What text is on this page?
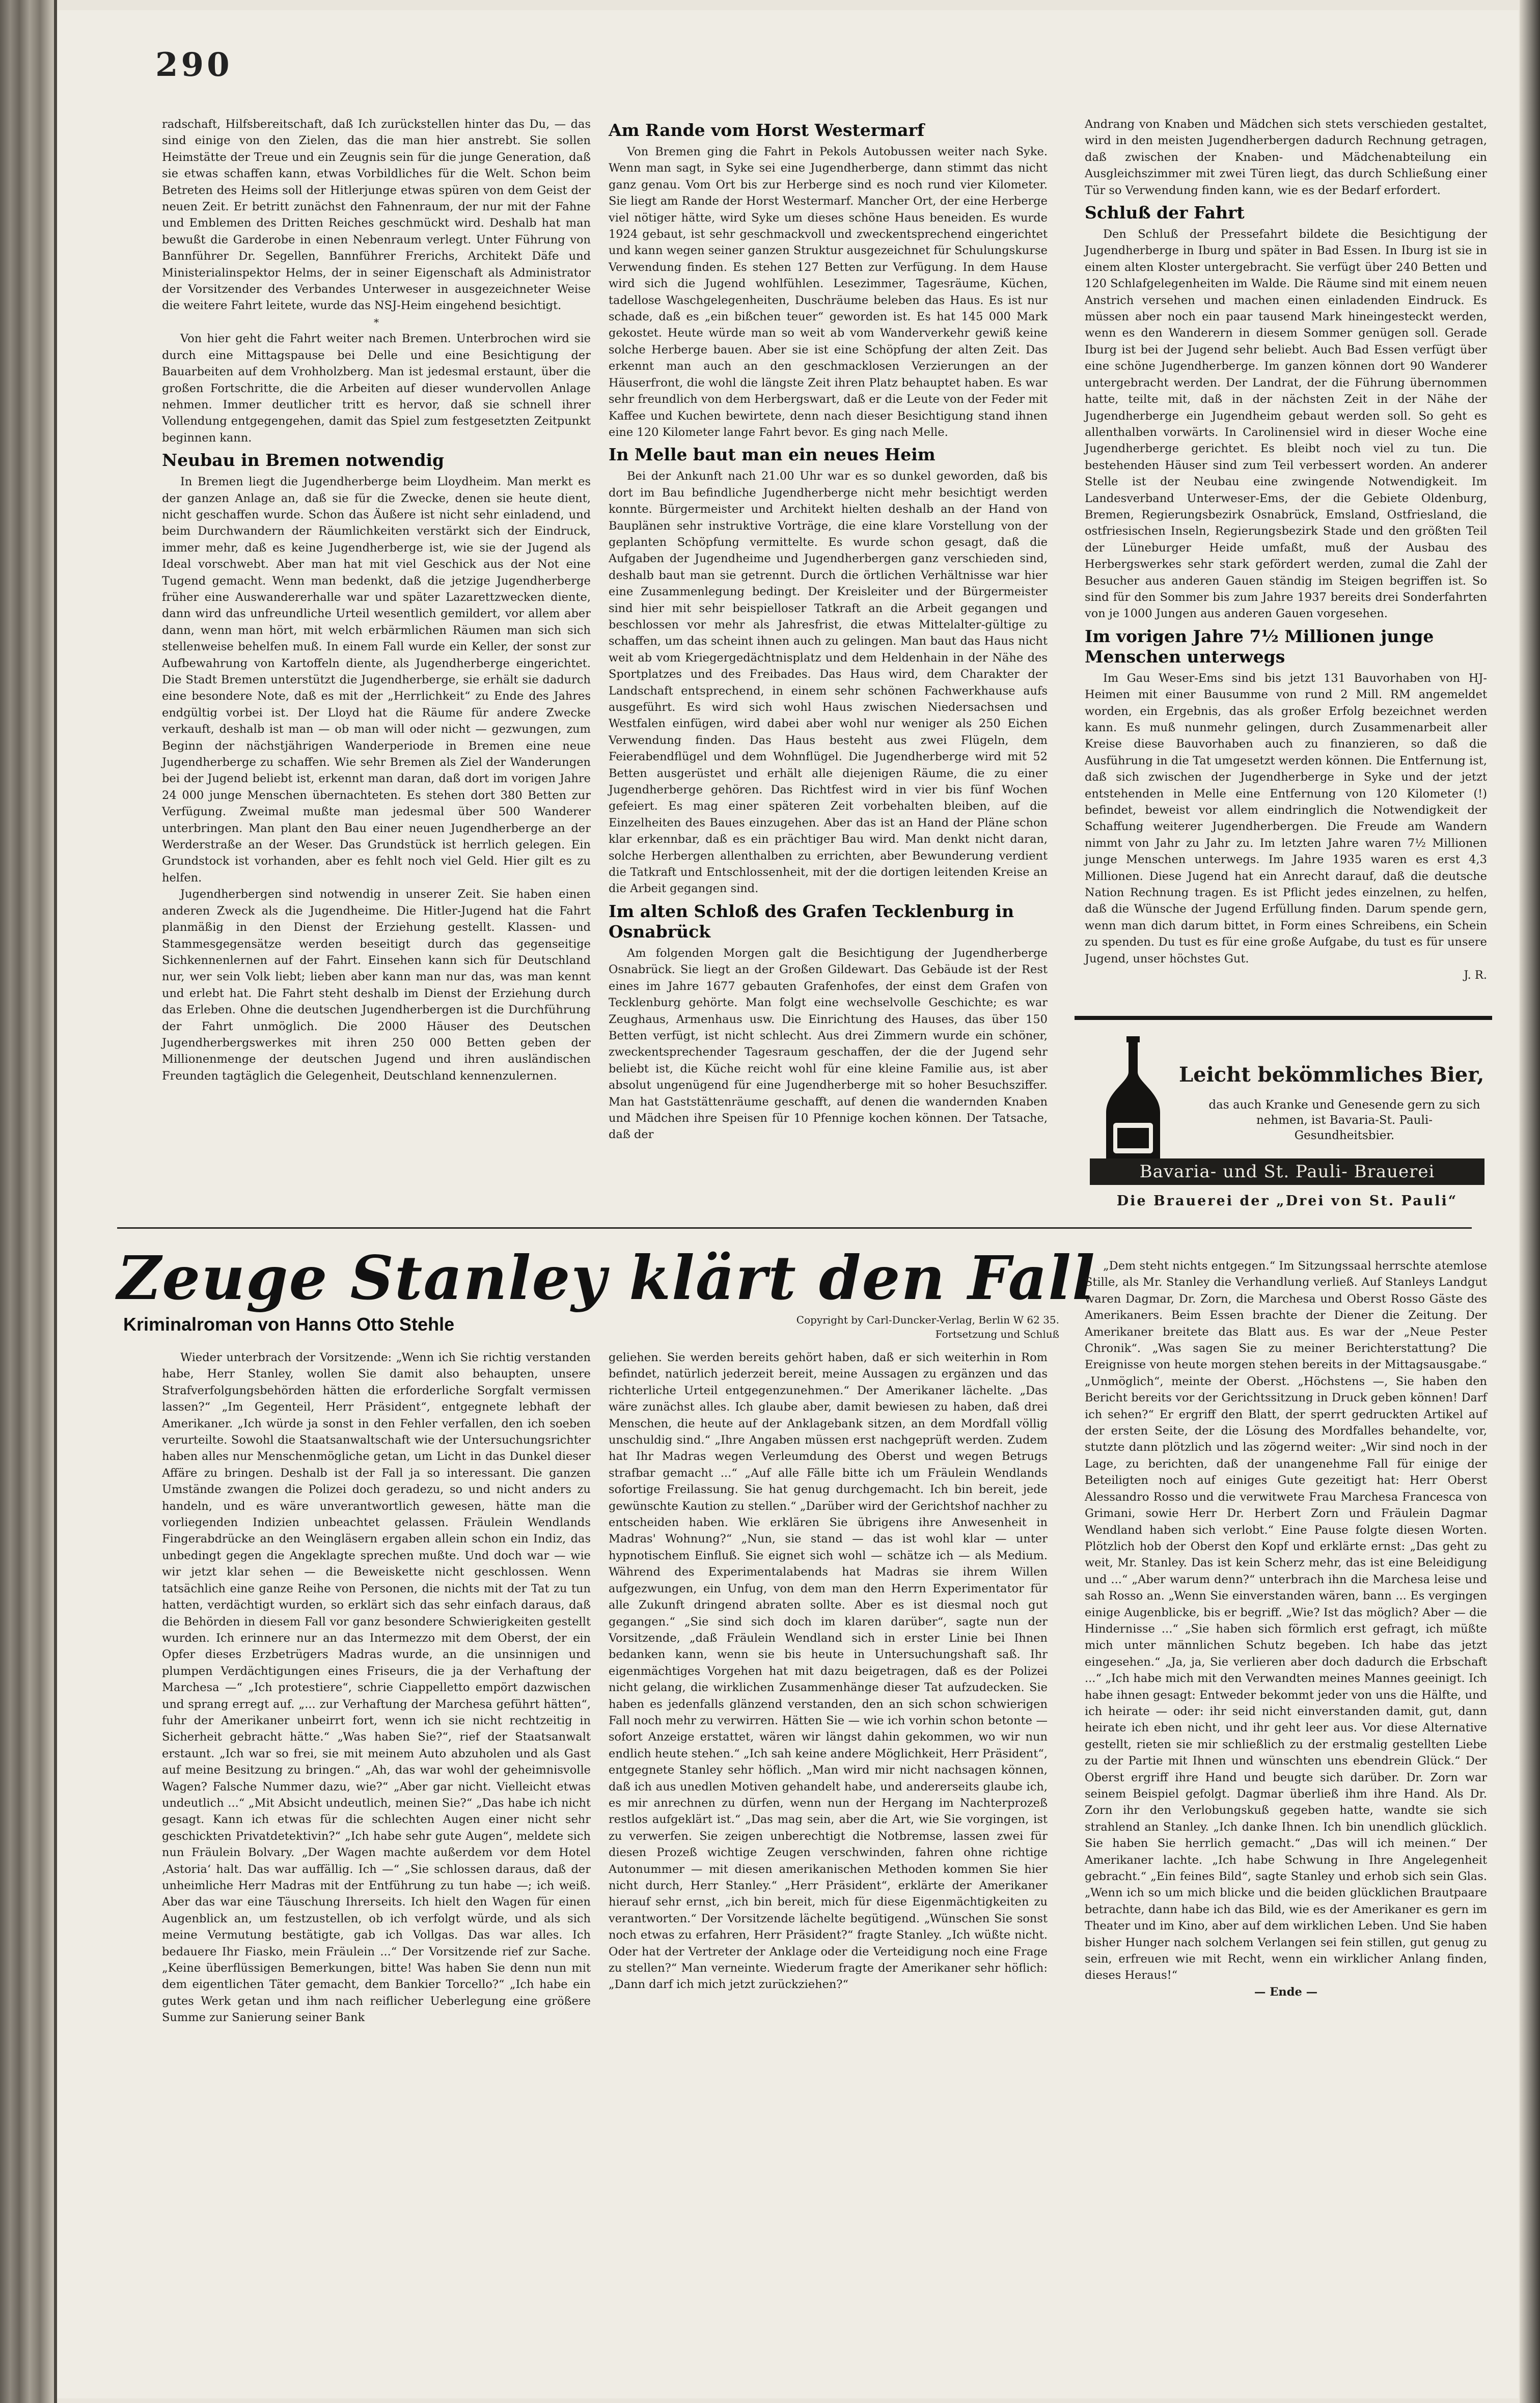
290

radschaft, Hilfsbereitschaft, daß Ich zurückstellen hinter das Du, — das sind einige von den Zielen, das die man hier anstrebt. Sie sollen Heimstätte der Treue und ein Zeugnis sein für die junge Generation, daß sie etwas schaffen kann, etwas Vorbildliches für die Welt. Schon beim Betreten des Heims soll der Hitlerjunge etwas spüren von dem Geist der neuen Zeit. Er betritt zunächst den Fahnenraum, der nur mit der Fahne und Emblemen des Dritten Reiches geschmückt wird. Deshalb hat man bewußt die Garderobe in einen Nebenraum verlegt. Unter Führung von Bannführer Dr. Segellen, Bannführer Frerichs, Architekt Däfe und Ministerialinspektor Helms, der in seiner Eigenschaft als Administrator der Vorsitzender des Verbandes Unterweser in ausgezeichneter Weise die weitere Fahrt leitete, wurde das NSJ-Heim eingehend besichtigt.

*

Von hier geht die Fahrt weiter nach Bremen. Unterbrochen wird sie durch eine Mittagspause bei Delle und eine Besichtigung der Bauarbeiten auf dem Vrohholzberg. Man ist jedesmal erstaunt, über die großen Fortschritte, die die Arbeiten auf dieser wundervollen Anlage nehmen. Immer deutlicher tritt es hervor, daß sie schnell ihrer Vollendung entgegengehen, damit das Spiel zum festgesetzten Zeitpunkt beginnen kann.

Neubau in Bremen notwendig

In Bremen liegt die Jugendherberge beim Lloydheim. Man merkt es der ganzen Anlage an, daß sie für die Zwecke, denen sie heute dient, nicht geschaffen wurde. Schon das Äußere ist nicht sehr einladend, und beim Durchwandern der Räumlichkeiten verstärkt sich der Eindruck, immer mehr, daß es keine Jugendherberge ist, wie sie der Jugend als Ideal vorschwebt. Aber man hat mit viel Geschick aus der Not eine Tugend gemacht. Wenn man bedenkt, daß die jetzige Jugendherberge früher eine Auswandererhalle war und später Lazarettzwecken diente, dann wird das unfreundliche Urteil wesentlich gemildert, vor allem aber dann, wenn man hört, mit welch erbärmlichen Räumen man sich sich stellenweise behelfen muß. In einem Fall wurde ein Keller, der sonst zur Aufbewahrung von Kartoffeln diente, als Jugendherberge eingerichtet. Die Stadt Bremen unterstützt die Jugendherberge, sie erhält sie dadurch eine besondere Note, daß es mit der „Herrlichkeit“ zu Ende des Jahres endgültig vorbei ist. Der Lloyd hat die Räume für andere Zwecke verkauft, deshalb ist man — ob man will oder nicht — gezwungen, zum Beginn der nächstjährigen Wanderperiode in Bremen eine neue Jugendherberge zu schaffen. Wie sehr Bremen als Ziel der Wanderungen bei der Jugend beliebt ist, erkennt man daran, daß dort im vorigen Jahre 24 000 junge Menschen übernachteten. Es stehen dort 380 Betten zur Verfügung. Zweimal mußte man jedesmal über 500 Wanderer unterbringen. Man plant den Bau einer neuen Jugendherberge an der Werderstraße an der Weser. Das Grundstück ist herrlich gelegen. Ein Grundstock ist vorhanden, aber es fehlt noch viel Geld. Hier gilt es zu helfen.

Jugendherbergen sind notwendig in unserer Zeit. Sie haben einen anderen Zweck als die Jugendheime. Die Hitler-Jugend hat die Fahrt planmäßig in den Dienst der Erziehung gestellt. Klassen- und Stammesgegensätze werden beseitigt durch das gegenseitige Sichkennenlernen auf der Fahrt. Einsehen kann sich für Deutschland nur, wer sein Volk liebt; lieben aber kann man nur das, was man kennt und erlebt hat. Die Fahrt steht deshalb im Dienst der Erziehung durch das Erleben. Ohne die deutschen Jugendherbergen ist die Durchführung der Fahrt unmöglich. Die 2000 Häuser des Deutschen Jugendherbergswerkes mit ihren 250 000 Betten geben der Millionenmenge der deutschen Jugend und ihren ausländischen Freunden tagtäglich die Gelegenheit, Deutschland kennenzulernen.

Am Rande vom Horst Westermarf

Von Bremen ging die Fahrt in Pekols Autobussen weiter nach Syke. Wenn man sagt, in Syke sei eine Jugendherberge, dann stimmt das nicht ganz genau. Vom Ort bis zur Herberge sind es noch rund vier Kilometer. Sie liegt am Rande der Horst Westermarf. Mancher Ort, der eine Herberge viel nötiger hätte, wird Syke um dieses schöne Haus beneiden. Es wurde 1924 gebaut, ist sehr geschmackvoll und zweckentsprechend eingerichtet und kann wegen seiner ganzen Struktur ausgezeichnet für Schulungskurse Verwendung finden. Es stehen 127 Betten zur Verfügung. In dem Hause wird sich die Jugend wohlfühlen. Lesezimmer, Tagesräume, Küchen, tadellose Waschgelegenheiten, Duschräume beleben das Haus. Es ist nur schade, daß es „ein bißchen teuer“ geworden ist. Es hat 145 000 Mark gekostet. Heute würde man so weit ab vom Wanderverkehr gewiß keine solche Herberge bauen. Aber sie ist eine Schöpfung der alten Zeit. Das erkennt man auch an den geschmacklosen Verzierungen an der Häuserfront, die wohl die längste Zeit ihren Platz behauptet haben. Es war sehr freundlich von dem Herbergswart, daß er die Leute von der Feder mit Kaffee und Kuchen bewirtete, denn nach dieser Besichtigung stand ihnen eine 120 Kilometer lange Fahrt bevor. Es ging nach Melle.

In Melle baut man ein neues Heim

Bei der Ankunft nach 21.00 Uhr war es so dunkel geworden, daß bis dort im Bau befindliche Jugendherberge nicht mehr besichtigt werden konnte. Bürgermeister und Architekt hielten deshalb an der Hand von Bauplänen sehr instruktive Vorträge, die eine klare Vorstellung von der geplanten Schöpfung vermittelte. Es wurde schon gesagt, daß die Aufgaben der Jugendheime und Jugendherbergen ganz verschieden sind, deshalb baut man sie getrennt. Durch die örtlichen Verhältnisse war hier eine Zusammenlegung bedingt. Der Kreisleiter und der Bürgermeister sind hier mit sehr beispielloser Tatkraft an die Arbeit gegangen und beschlossen vor mehr als Jahresfrist, die etwas Mittelalter-gültige zu schaffen, um das scheint ihnen auch zu gelingen. Man baut das Haus nicht weit ab vom Kriegergedächtnisplatz und dem Heldenhain in der Nähe des Sportplatzes und des Freibades. Das Haus wird, dem Charakter der Landschaft entsprechend, in einem sehr schönen Fachwerkhause aufs ausgeführt. Es wird sich wohl Haus zwischen Niedersachsen und Westfalen einfügen, wird dabei aber wohl nur weniger als 250 Eichen Verwendung finden. Das Haus besteht aus zwei Flügeln, dem Feierabendflügel und dem Wohnflügel. Die Jugendherberge wird mit 52 Betten ausgerüstet und erhält alle diejenigen Räume, die zu einer Jugendherberge gehören. Das Richtfest wird in vier bis fünf Wochen gefeiert. Es mag einer späteren Zeit vorbehalten bleiben, auf die Einzelheiten des Baues einzugehen. Aber das ist an Hand der Pläne schon klar erkennbar, daß es ein prächtiger Bau wird. Man denkt nicht daran, solche Herbergen allenthalben zu errichten, aber Bewunderung verdient die Tatkraft und Entschlossenheit, mit der die dortigen leitenden Kreise an die Arbeit gegangen sind.

Im alten Schloß des Grafen Tecklenburg in Osnabrück

Am folgenden Morgen galt die Besichtigung der Jugendherberge Osnabrück. Sie liegt an der Großen Gildewart. Das Gebäude ist der Rest eines im Jahre 1677 gebauten Grafenhofes, der einst dem Grafen von Tecklenburg gehörte. Man folgt eine wechselvolle Geschichte; es war Zeughaus, Armenhaus usw. Die Einrichtung des Hauses, das über 150 Betten verfügt, ist nicht schlecht. Aus drei Zimmern wurde ein schöner, zweckentsprechender Tagesraum geschaffen, der die der Jugend sehr beliebt ist, die Küche reicht wohl für eine kleine Familie aus, ist aber absolut ungenügend für eine Jugendherberge mit so hoher Besuchsziffer. Man hat Gaststättenräume geschafft, auf denen die wandernden Knaben und Mädchen ihre Speisen für 10 Pfennige kochen können. Der Tatsache, daß der

Andrang von Knaben und Mädchen sich stets verschieden gestaltet, wird in den meisten Jugendherbergen dadurch Rechnung getragen, daß zwischen der Knaben- und Mädchenabteilung ein Ausgleichszimmer mit zwei Türen liegt, das durch Schließung einer Tür so Verwendung finden kann, wie es der Bedarf erfordert.

Schluß der Fahrt

Den Schluß der Pressefahrt bildete die Besichtigung der Jugendherberge in Iburg und später in Bad Essen. In Iburg ist sie in einem alten Kloster untergebracht. Sie verfügt über 240 Betten und 120 Schlafgelegenheiten im Walde. Die Räume sind mit einem neuen Anstrich versehen und machen einen einladenden Eindruck. Es müssen aber noch ein paar tausend Mark hineingesteckt werden, wenn es den Wanderern in diesem Sommer genügen soll. Gerade Iburg ist bei der Jugend sehr beliebt. Auch Bad Essen verfügt über eine schöne Jugendherberge. Im ganzen können dort 90 Wanderer untergebracht werden. Der Landrat, der die Führung übernommen hatte, teilte mit, daß in der nächsten Zeit in der Nähe der Jugendherberge ein Jugendheim gebaut werden soll. So geht es allenthalben vorwärts. In Carolinensiel wird in dieser Woche eine Jugendherberge gerichtet. Es bleibt noch viel zu tun. Die bestehenden Häuser sind zum Teil verbessert worden. An anderer Stelle ist der Neubau eine zwingende Notwendigkeit. Im Landesverband Unterweser-Ems, der die Gebiete Oldenburg, Bremen, Regierungsbezirk Osnabrück, Emsland, Ostfriesland, die ostfriesischen Inseln, Regierungsbezirk Stade und den größten Teil der Lüneburger Heide umfaßt, muß der Ausbau des Herbergswerkes sehr stark gefördert werden, zumal die Zahl der Besucher aus anderen Gauen ständig im Steigen begriffen ist. So sind für den Sommer bis zum Jahre 1937 bereits drei Sonderfahrten von je 1000 Jungen aus anderen Gauen vorgesehen.

Im vorigen Jahre 7½ Millionen junge Menschen unterwegs

Im Gau Weser-Ems sind bis jetzt 131 Bauvorhaben von HJ-Heimen mit einer Bausumme von rund 2 Mill. RM angemeldet worden, ein Ergebnis, das als großer Erfolg bezeichnet werden kann. Es muß nunmehr gelingen, durch Zusammenarbeit aller Kreise diese Bauvorhaben auch zu finanzieren, so daß die Ausführung in die Tat umgesetzt werden können. Die Entfernung ist, daß sich zwischen der Jugendherberge in Syke und der jetzt entstehenden in Melle eine Entfernung von 120 Kilometer (!) befindet, beweist vor allem eindringlich die Notwendigkeit der Schaffung weiterer Jugendherbergen. Die Freude am Wandern nimmt von Jahr zu Jahr zu. Im letzten Jahre waren 7½ Millionen junge Menschen unterwegs. Im Jahre 1935 waren es erst 4,3 Millionen. Diese Jugend hat ein Anrecht darauf, daß die deutsche Nation Rechnung tragen. Es ist Pflicht jedes einzelnen, zu helfen, daß die Wünsche der Jugend Erfüllung finden. Darum spende gern, wenn man dich darum bittet, in Form eines Schreibens, ein Schein zu spenden. Du tust es für eine große Aufgabe, du tust es für unsere Jugend, unser höchstes Gut.

J. R.

Leicht bekömmliches Bier,
das auch Kranke und Genesende gern zu sich nehmen, ist Bavaria-St. Pauli-Gesundheitsbier.
Bavaria- und St. Pauli- Brauerei
Die Brauerei der „Drei von St. Pauli“
Zeuge Stanley klärt den Fall
Kriminalroman von Hanns Otto Stehle	Copyright by Carl-Duncker-Verlag, Berlin W 62 35. Fortsetzung und Schluß

Wieder unterbrach der Vorsitzende: „Wenn ich Sie richtig verstanden habe, Herr Stanley, wollen Sie damit also behaupten, unsere Strafverfolgungsbehörden hätten die erforderliche Sorgfalt vermissen lassen?“ „Im Gegenteil, Herr Präsident“, entgegnete lebhaft der Amerikaner. „Ich würde ja sonst in den Fehler verfallen, den ich soeben verurteilte. Sowohl die Staatsanwaltschaft wie der Untersuchungsrichter haben alles nur Menschenmögliche getan, um Licht in das Dunkel dieser Affäre zu bringen. Deshalb ist der Fall ja so interessant. Die ganzen Umstände zwangen die Polizei doch geradezu, so und nicht anders zu handeln, und es wäre unverantwortlich gewesen, hätte man die vorliegenden Indizien unbeachtet gelassen. Fräulein Wendlands Fingerabdrücke an den Weingläsern ergaben allein schon ein Indiz, das unbedingt gegen die Angeklagte sprechen mußte. Und doch war — wie wir jetzt klar sehen — die Beweiskette nicht geschlossen. Wenn tatsächlich eine ganze Reihe von Personen, die nichts mit der Tat zu tun hatten, verdächtigt wurden, so erklärt sich das sehr einfach daraus, daß die Behörden in diesem Fall vor ganz besondere Schwierigkeiten gestellt wurden. Ich erinnere nur an das Intermezzo mit dem Oberst, der ein Opfer dieses Erzbetrügers Madras wurde, an die unsinnigen und plumpen Verdächtigungen eines Friseurs, die ja der Verhaftung der Marchesa —“ „Ich protestiere“, schrie Ciappelletto empört dazwischen und sprang erregt auf. „... zur Verhaftung der Marchesa geführt hätten“, fuhr der Amerikaner unbeirrt fort, wenn ich sie nicht rechtzeitig in Sicherheit gebracht hätte.“ „Was haben Sie?“, rief der Staatsanwalt erstaunt. „Ich war so frei, sie mit meinem Auto abzuholen und als Gast auf meine Besitzung zu bringen.“ „Ah, das war wohl der geheimnisvolle Wagen? Falsche Nummer dazu, wie?“ „Aber gar nicht. Vielleicht etwas undeutlich ...“ „Mit Absicht undeutlich, meinen Sie?“ „Das habe ich nicht gesagt. Kann ich etwas für die schlechten Augen einer nicht sehr geschickten Privatdetektivin?“ „Ich habe sehr gute Augen“, meldete sich nun Fräulein Bolvary. „Der Wagen machte außerdem vor dem Hotel ‚Astoria‘ halt. Das war auffällig. Ich —“ „Sie schlossen daraus, daß der unheimliche Herr Madras mit der Entführung zu tun habe —; ich weiß. Aber das war eine Täuschung Ihrerseits. Ich hielt den Wagen für einen Augenblick an, um festzustellen, ob ich verfolgt würde, und als sich meine Vermutung bestätigte, gab ich Vollgas. Das war alles. Ich bedauere Ihr Fiasko, mein Fräulein ...“ Der Vorsitzende rief zur Sache. „Keine überflüssigen Bemerkungen, bitte! Was haben Sie denn nun mit dem eigentlichen Täter gemacht, dem Bankier Torcello?“ „Ich habe ein gutes Werk getan und ihm nach reiflicher Ueberlegung eine größere Summe zur Sanierung seiner Bank

geliehen. Sie werden bereits gehört haben, daß er sich weiterhin in Rom befindet, natürlich jederzeit bereit, meine Aussagen zu ergänzen und das richterliche Urteil entgegenzunehmen.“ Der Amerikaner lächelte. „Das wäre zunächst alles. Ich glaube aber, damit bewiesen zu haben, daß drei Menschen, die heute auf der Anklagebank sitzen, an dem Mordfall völlig unschuldig sind.“ „Ihre Angaben müssen erst nachgeprüft werden. Zudem hat Ihr Madras wegen Verleumdung des Oberst und wegen Betrugs strafbar gemacht ...“ „Auf alle Fälle bitte ich um Fräulein Wendlands sofortige Freilassung. Sie hat genug durchgemacht. Ich bin bereit, jede gewünschte Kaution zu stellen.“ „Darüber wird der Gerichtshof nachher zu entscheiden haben. Wie erklären Sie übrigens ihre Anwesenheit in Madras' Wohnung?“ „Nun, sie stand — das ist wohl klar — unter hypnotischem Einfluß. Sie eignet sich wohl — schätze ich — als Medium. Während des Experimentalabends hat Madras sie ihrem Willen aufgezwungen, ein Unfug, von dem man den Herrn Experimentator für alle Zukunft dringend abraten sollte. Aber es ist diesmal noch gut gegangen.“ „Sie sind sich doch im klaren darüber“, sagte nun der Vorsitzende, „daß Fräulein Wendland sich in erster Linie bei Ihnen bedanken kann, wenn sie bis heute in Untersuchungshaft saß. Ihr eigenmächtiges Vorgehen hat mit dazu beigetragen, daß es der Polizei nicht gelang, die wirklichen Zusammenhänge dieser Tat aufzudecken. Sie haben es jedenfalls glänzend verstanden, den an sich schon schwierigen Fall noch mehr zu verwirren. Hätten Sie — wie ich vorhin schon betonte — sofort Anzeige erstattet, wären wir längst dahin gekommen, wo wir nun endlich heute stehen.“ „Ich sah keine andere Möglichkeit, Herr Präsident“, entgegnete Stanley sehr höflich. „Man wird mir nicht nachsagen können, daß ich aus unedlen Motiven gehandelt habe, und andererseits glaube ich, es mir anrechnen zu dürfen, wenn nun der Hergang im Nachterprozeß restlos aufgeklärt ist.“ „Das mag sein, aber die Art, wie Sie vorgingen, ist zu verwerfen. Sie zeigen unberechtigt die Notbremse, lassen zwei für diesen Prozeß wichtige Zeugen verschwinden, fahren ohne richtige Autonummer — mit diesen amerikanischen Methoden kommen Sie hier nicht durch, Herr Stanley.“ „Herr Präsident“, erklärte der Amerikaner hierauf sehr ernst, „ich bin bereit, mich für diese Eigenmächtigkeiten zu verantworten.“ Der Vorsitzende lächelte begütigend. „Wünschen Sie sonst noch etwas zu erfahren, Herr Präsident?“ fragte Stanley. „Ich wüßte nicht. Oder hat der Vertreter der Anklage oder die Verteidigung noch eine Frage zu stellen?“ Man verneinte. Wiederum fragte der Amerikaner sehr höflich: „Dann darf ich mich jetzt zurückziehen?“

„Dem steht nichts entgegen.“ Im Sitzungssaal herrschte atemlose Stille, als Mr. Stanley die Verhandlung verließ. Auf Stanleys Landgut waren Dagmar, Dr. Zorn, die Marchesa und Oberst Rosso Gäste des Amerikaners. Beim Essen brachte der Diener die Zeitung. Der Amerikaner breitete das Blatt aus. Es war der „Neue Pester Chronik“. „Was sagen Sie zu meiner Berichterstattung? Die Ereignisse von heute morgen stehen bereits in der Mittagsausgabe.“ „Unmöglich“, meinte der Oberst. „Höchstens —, Sie haben den Bericht bereits vor der Gerichtssitzung in Druck geben können! Darf ich sehen?“ Er ergriff den Blatt, der sperrt gedruckten Artikel auf der ersten Seite, der die Lösung des Mordfalles behandelte, vor, stutzte dann plötzlich und las zögernd weiter: „Wir sind noch in der Lage, zu berichten, daß der unangenehme Fall für einige der Beteiligten noch auf einiges Gute gezeitigt hat: Herr Oberst Alessandro Rosso und die verwitwete Frau Marchesa Francesca von Grimani, sowie Herr Dr. Herbert Zorn und Fräulein Dagmar Wendland haben sich verlobt.“ Eine Pause folgte diesen Worten. Plötzlich hob der Oberst den Kopf und erklärte ernst: „Das geht zu weit, Mr. Stanley. Das ist kein Scherz mehr, das ist eine Beleidigung und ...“ „Aber warum denn?“ unterbrach ihn die Marchesa leise und sah Rosso an. „Wenn Sie einverstanden wären, bann ... Es vergingen einige Augenblicke, bis er begriff. „Wie? Ist das möglich? Aber — die Hindernisse ...“ „Sie haben sich förmlich erst gefragt, ich müßte mich unter männlichen Schutz begeben. Ich habe das jetzt eingesehen.“ „Ja, ja, Sie verlieren aber doch dadurch die Erbschaft ...“ „Ich habe mich mit den Verwandten meines Mannes geeinigt. Ich habe ihnen gesagt: Entweder bekommt jeder von uns die Hälfte, und ich heirate — oder: ihr seid nicht einverstanden damit, gut, dann heirate ich eben nicht, und ihr geht leer aus. Vor diese Alternative gestellt, rieten sie mir schließlich zu der erstmalig gestellten Liebe zu der Partie mit Ihnen und wünschten uns ebendrein Glück.“ Der Oberst ergriff ihre Hand und beugte sich darüber. Dr. Zorn war seinem Beispiel gefolgt. Dagmar überließ ihm ihre Hand. Als Dr. Zorn ihr den Verlobungskuß gegeben hatte, wandte sie sich strahlend an Stanley. „Ich danke Ihnen. Ich bin unendlich glücklich. Sie haben Sie herrlich gemacht.“ „Das will ich meinen.“ Der Amerikaner lachte. „Ich habe Schwung in Ihre Angelegenheit gebracht.“ „Ein feines Bild“, sagte Stanley und erhob sich sein Glas. „Wenn ich so um mich blicke und die beiden glücklichen Brautpaare betrachte, dann habe ich das Bild, wie es der Amerikaner es gern im Theater und im Kino, aber auf dem wirklichen Leben. Und Sie haben bisher Hunger nach solchem Verlangen sei fein stillen, gut genug zu sein, erfreuen wie mit Recht, wenn ein wirklicher Anlang finden, dieses Heraus!“

— Ende —
